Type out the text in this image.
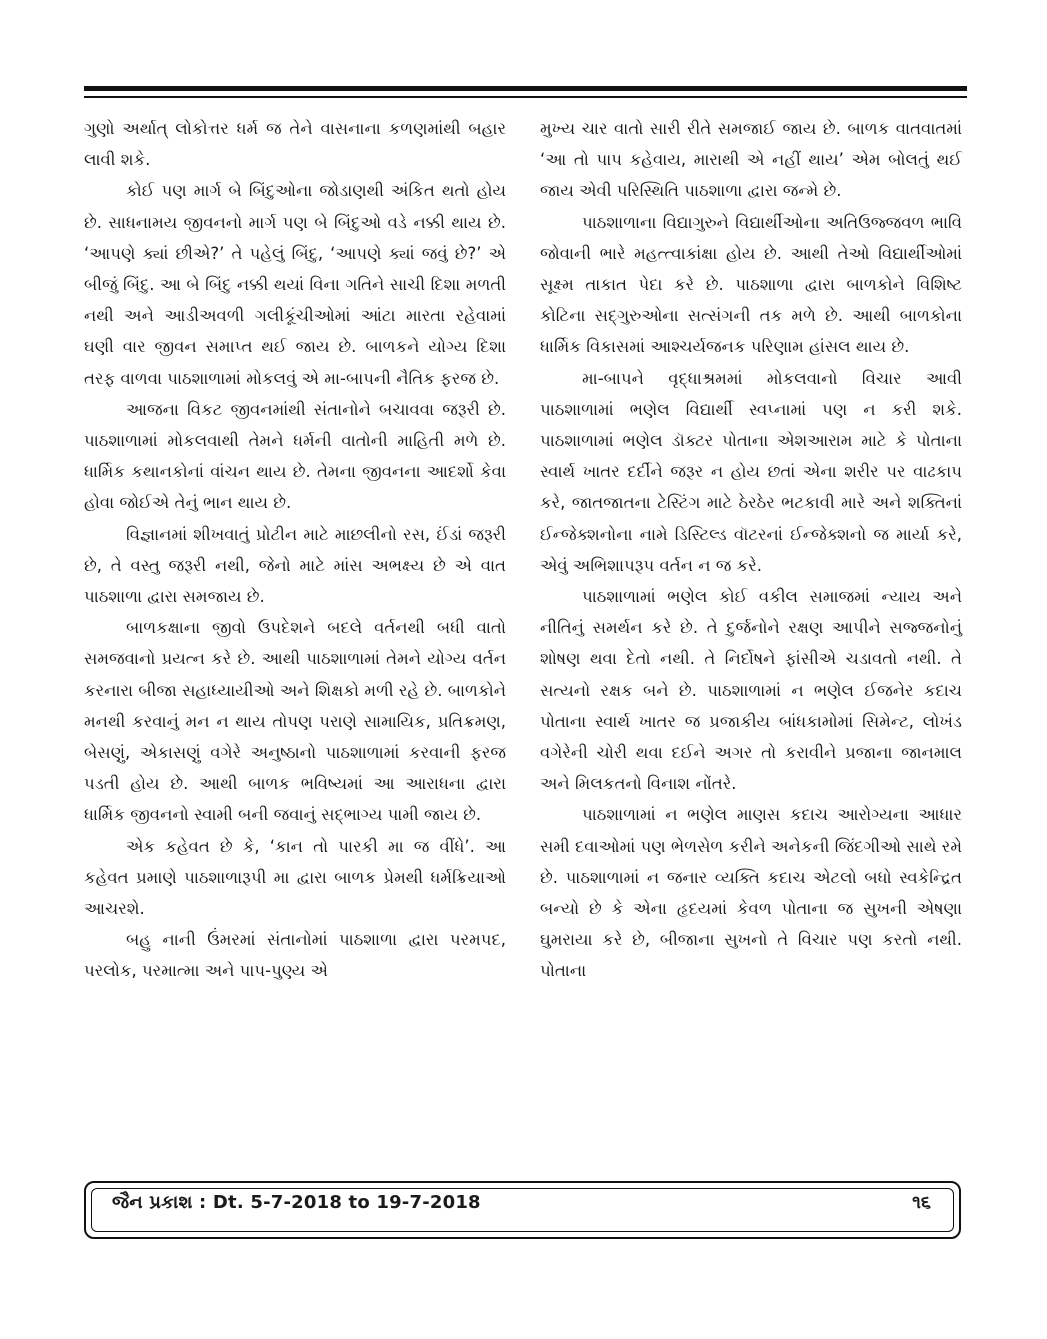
ગુણો અર્થાત્ લોકોત્તર ધર્મ જ તેને વાસનાના કળણમાંથી બહાર લાવી શકે.

કોઈ પણ માર્ગ બે બિંદુઓના જોડાણથી અંકિત થતો હોય છે. સાધનામય જીવનનો માર્ગ પણ બે બિંદુઓ વડે નક્કી થાય છે. ‘આપણે ક્યાં છીએ?’ તે પહેલું બિંદુ, ‘આપણે ક્યાં જવું છે?’ એ બીજું બિંદુ. આ બે બિંદુ નક્કી થયાં વિના ગતિને સાચી દિશા મળતી નથી અને આડીઅવળી ગલીકૂંચીઓમાં આંટા મારતા રહેવામાં ઘણી વાર જીવન સમાપ્ત થઈ જાય છે. બાળકને યોગ્ય દિશા તરફ વાળવા પાઠશાળામાં મોકલવું એ મા-બાપની નૈતિક ફરજ છે.

આજના વિકટ જીવનમાંથી સંતાનોને બચાવવા જરૂરી છે. પાઠશાળામાં મોકલવાથી તેમને ધર્મની વાતોની માહિતી મળે છે. ધાર્મિક કથાનકોનાં વાંચન થાય છે. તેમના જીવનના આદર્શો કેવા હોવા જોઈએ તેનું ભાન થાય છે.

વિજ્ઞાનમાં શીખવાતું પ્રોટીન માટે માછલીનો રસ, ઈંડાં જરૂરી છે, તે વસ્તુ જરૂરી નથી, જેનો માટે માંસ અભક્ષ્ય છે એ વાત પાઠશાળા દ્વારા સમજાય છે.

બાળકક્ષાના જીવો ઉપદેશને બદલે વર્તનથી બધી વાતો સમજવાનો પ્રયત્ન કરે છે. આથી પાઠશાળામાં તેમને યોગ્ય વર્તન કરનારા બીજા સહાધ્યાયીઓ અને શિક્ષકો મળી રહે છે. બાળકોને મનથી કરવાનું મન ન થાય તોપણ પરાણે સામાયિક, પ્રતિક્રમણ, બેસણું, એકાસણું વગેરે અનુષ્ઠાનો પાઠશાળામાં કરવાની ફરજ પડતી હોય છે. આથી બાળક ભવિષ્યમાં આ આરાધના દ્વારા ધાર્મિક જીવનનો સ્વામી બની જવાનું સદ્ભાગ્ય પામી જાય છે.

એક કહેવત છે કે, ‘કાન તો પારકી મા જ વીંધે’. આ કહેવત પ્રમાણે પાઠશાળારૂપી મા દ્વારા બાળક પ્રેમથી ધર્મક્રિયાઓ આચરશે.

બહુ નાની ઉંમરમાં સંતાનોમાં પાઠશાળા દ્વારા પરમપદ, પરલોક, પરમાત્મા અને પાપ-પુણ્ય એ

મુખ્ય ચાર વાતો સારી રીતે સમજાઈ જાય છે. બાળક વાતવાતમાં ‘આ તો પાપ કહેવાય, મારાથી એ નહીં થાય’ એમ બોલતું થઈ જાય એવી પરિસ્થિતિ પાઠશાળા દ્વારા જન્મે છે.

પાઠશાળાના વિદ્યાગુરુને વિદ્યાર્થીઓના અતિઉજ્જવળ ભાવિ જોવાની ભારે મહત્ત્વાકાંક્ષા હોય છે. આથી તેઓ વિદ્યાર્થીઓમાં સૂક્ષ્મ તાકાત પેદા કરે છે. પાઠશાળા દ્વારા બાળકોને વિશિષ્ટ કોટિના સદ્ગુરુઓના સત્સંગની તક મળે છે. આથી બાળકોના ધાર્મિક વિકાસમાં આશ્ચર્યજનક પરિણામ હાંસલ થાય છે.

મા-બાપને વૃદ્ધાશ્રમમાં મોકલવાનો વિચાર આવી પાઠશાળામાં ભણેલ વિદ્યાર્થી સ્વપ્નામાં પણ ન કરી શકે. પાઠશાળામાં ભણેલ ડૉક્ટર પોતાના એશઆરામ માટે કે પોતાના સ્વાર્થ ખાતર દર્દીને જરૂર ન હોય છતાં એના શરીર પર વાઢકાપ કરે, જાતજાતના ટેસ્ટિંગ માટે ઠેરઠેર ભટકાવી મારે અને શક્તિનાં ઈન્જેક્શનોના નામે ડિસ્ટિલ્ડ વૉટરનાં ઈન્જેક્શનો જ માર્યા કરે, એવું અભિશાપરૂપ વર્તન ન જ કરે.

પાઠશાળામાં ભણેલ કોઈ વકીલ સમાજમાં ન્યાય અને નીતિનું સમર્થન કરે છે. તે દુર્જનોને રક્ષણ આપીને સજ્જનોનું શોષણ થવા દેતો નથી. તે નિર્દોષને ફાંસીએ ચડાવતો નથી. તે સત્યનો રક્ષક બને છે. પાઠશાળામાં ન ભણેલ ઈજનેર કદાચ પોતાના સ્વાર્થ ખાતર જ પ્રજાકીય બાંધકામોમાં સિમેન્ટ, લોખંડ વગેરેની ચોરી થવા દઈને અગર તો કરાવીને પ્રજાના જાનમાલ અને મિલકતનો વિનાશ નોંતરે.

પાઠશાળામાં ન ભણેલ માણસ કદાચ આરોગ્યના આધાર સમી દવાઓમાં પણ ભેળસેળ કરીને અનેકની જિંદગીઓ સાથે રમે છે. પાઠશાળામાં ન જનાર વ્યક્તિ કદાચ એટલો બધો સ્વકેન્દ્રિત બન્યો છે કે એના હૃદયમાં કેવળ પોતાના જ સુખની એષણા ઘુમરાયા કરે છે, બીજાના સુખનો તે વિચાર પણ કરતો નથી. પોતાના

જૈન પ્રકાશ : Dt. 5-7-2018 to 19-7-2018	૧૬
